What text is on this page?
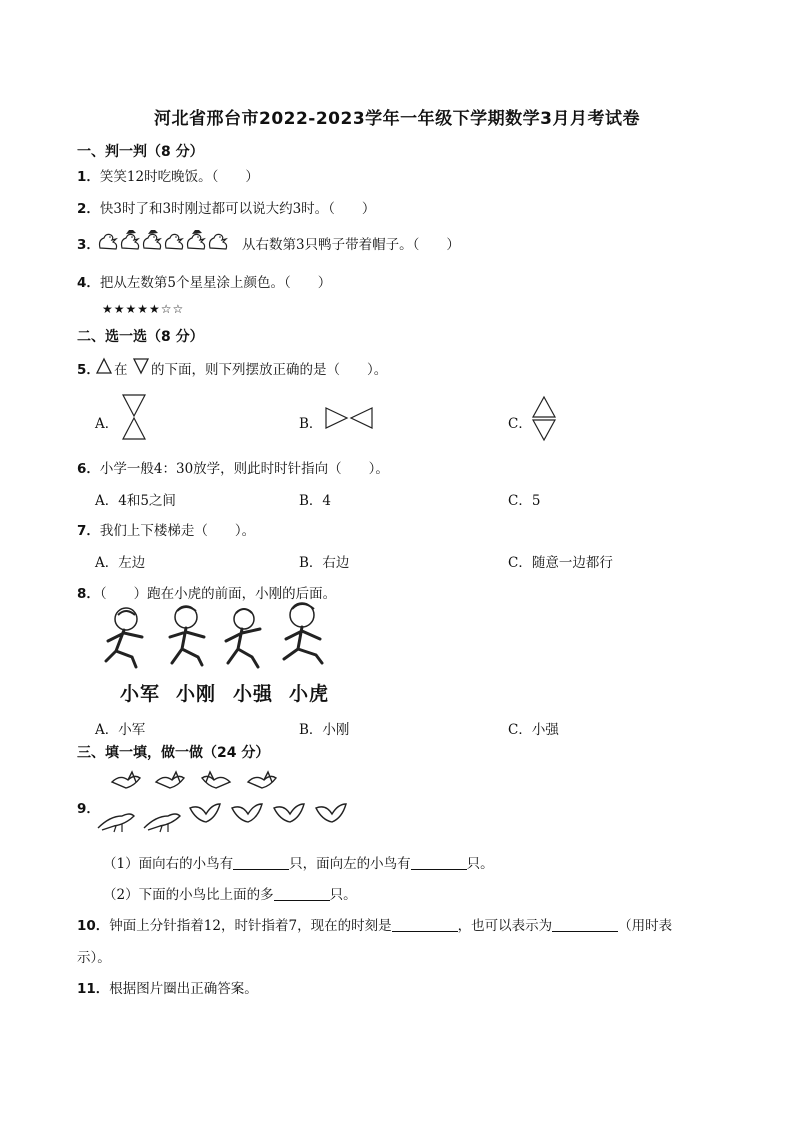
河北省邢台市2022-2023学年一年级下学期数学3月月考试卷
一、判一判（8 分）
1．笑笑12时吃晚饭。（　　）
2．快3时了和3时刚过都可以说大约3时。（　　）
3．	从右数第3只鸭子带着帽子。（　　）
4．把从左数第5个星星涂上颜色。（　　）
★★★★★☆☆
二、选一选（8 分）
5． 在 的下面，则下列摆放正确的是（　　）。
A．	B．	C．
6．小学一般4：30放学，则此时时针指向（　　）。
A．4和5之间	B．4	C．5
7．我们上下楼梯走（　　）。
A．左边	B．右边	C．随意一边都行
8．（　　）跑在小虎的前面，小刚的后面。
小军 小刚 小强 小虎
A．小军	B．小刚	C．小强
三、填一填，做一做（24 分）
9．
（1）面向右的小鸟有	只，面向左的小鸟有	只。
（2）下面的小鸟比上面的多	只。
10．钟面上分针指着12，时针指着7，现在的时刻是	，也可以表示为	（用时表
示）。
11．根据图片圈出正确答案。
